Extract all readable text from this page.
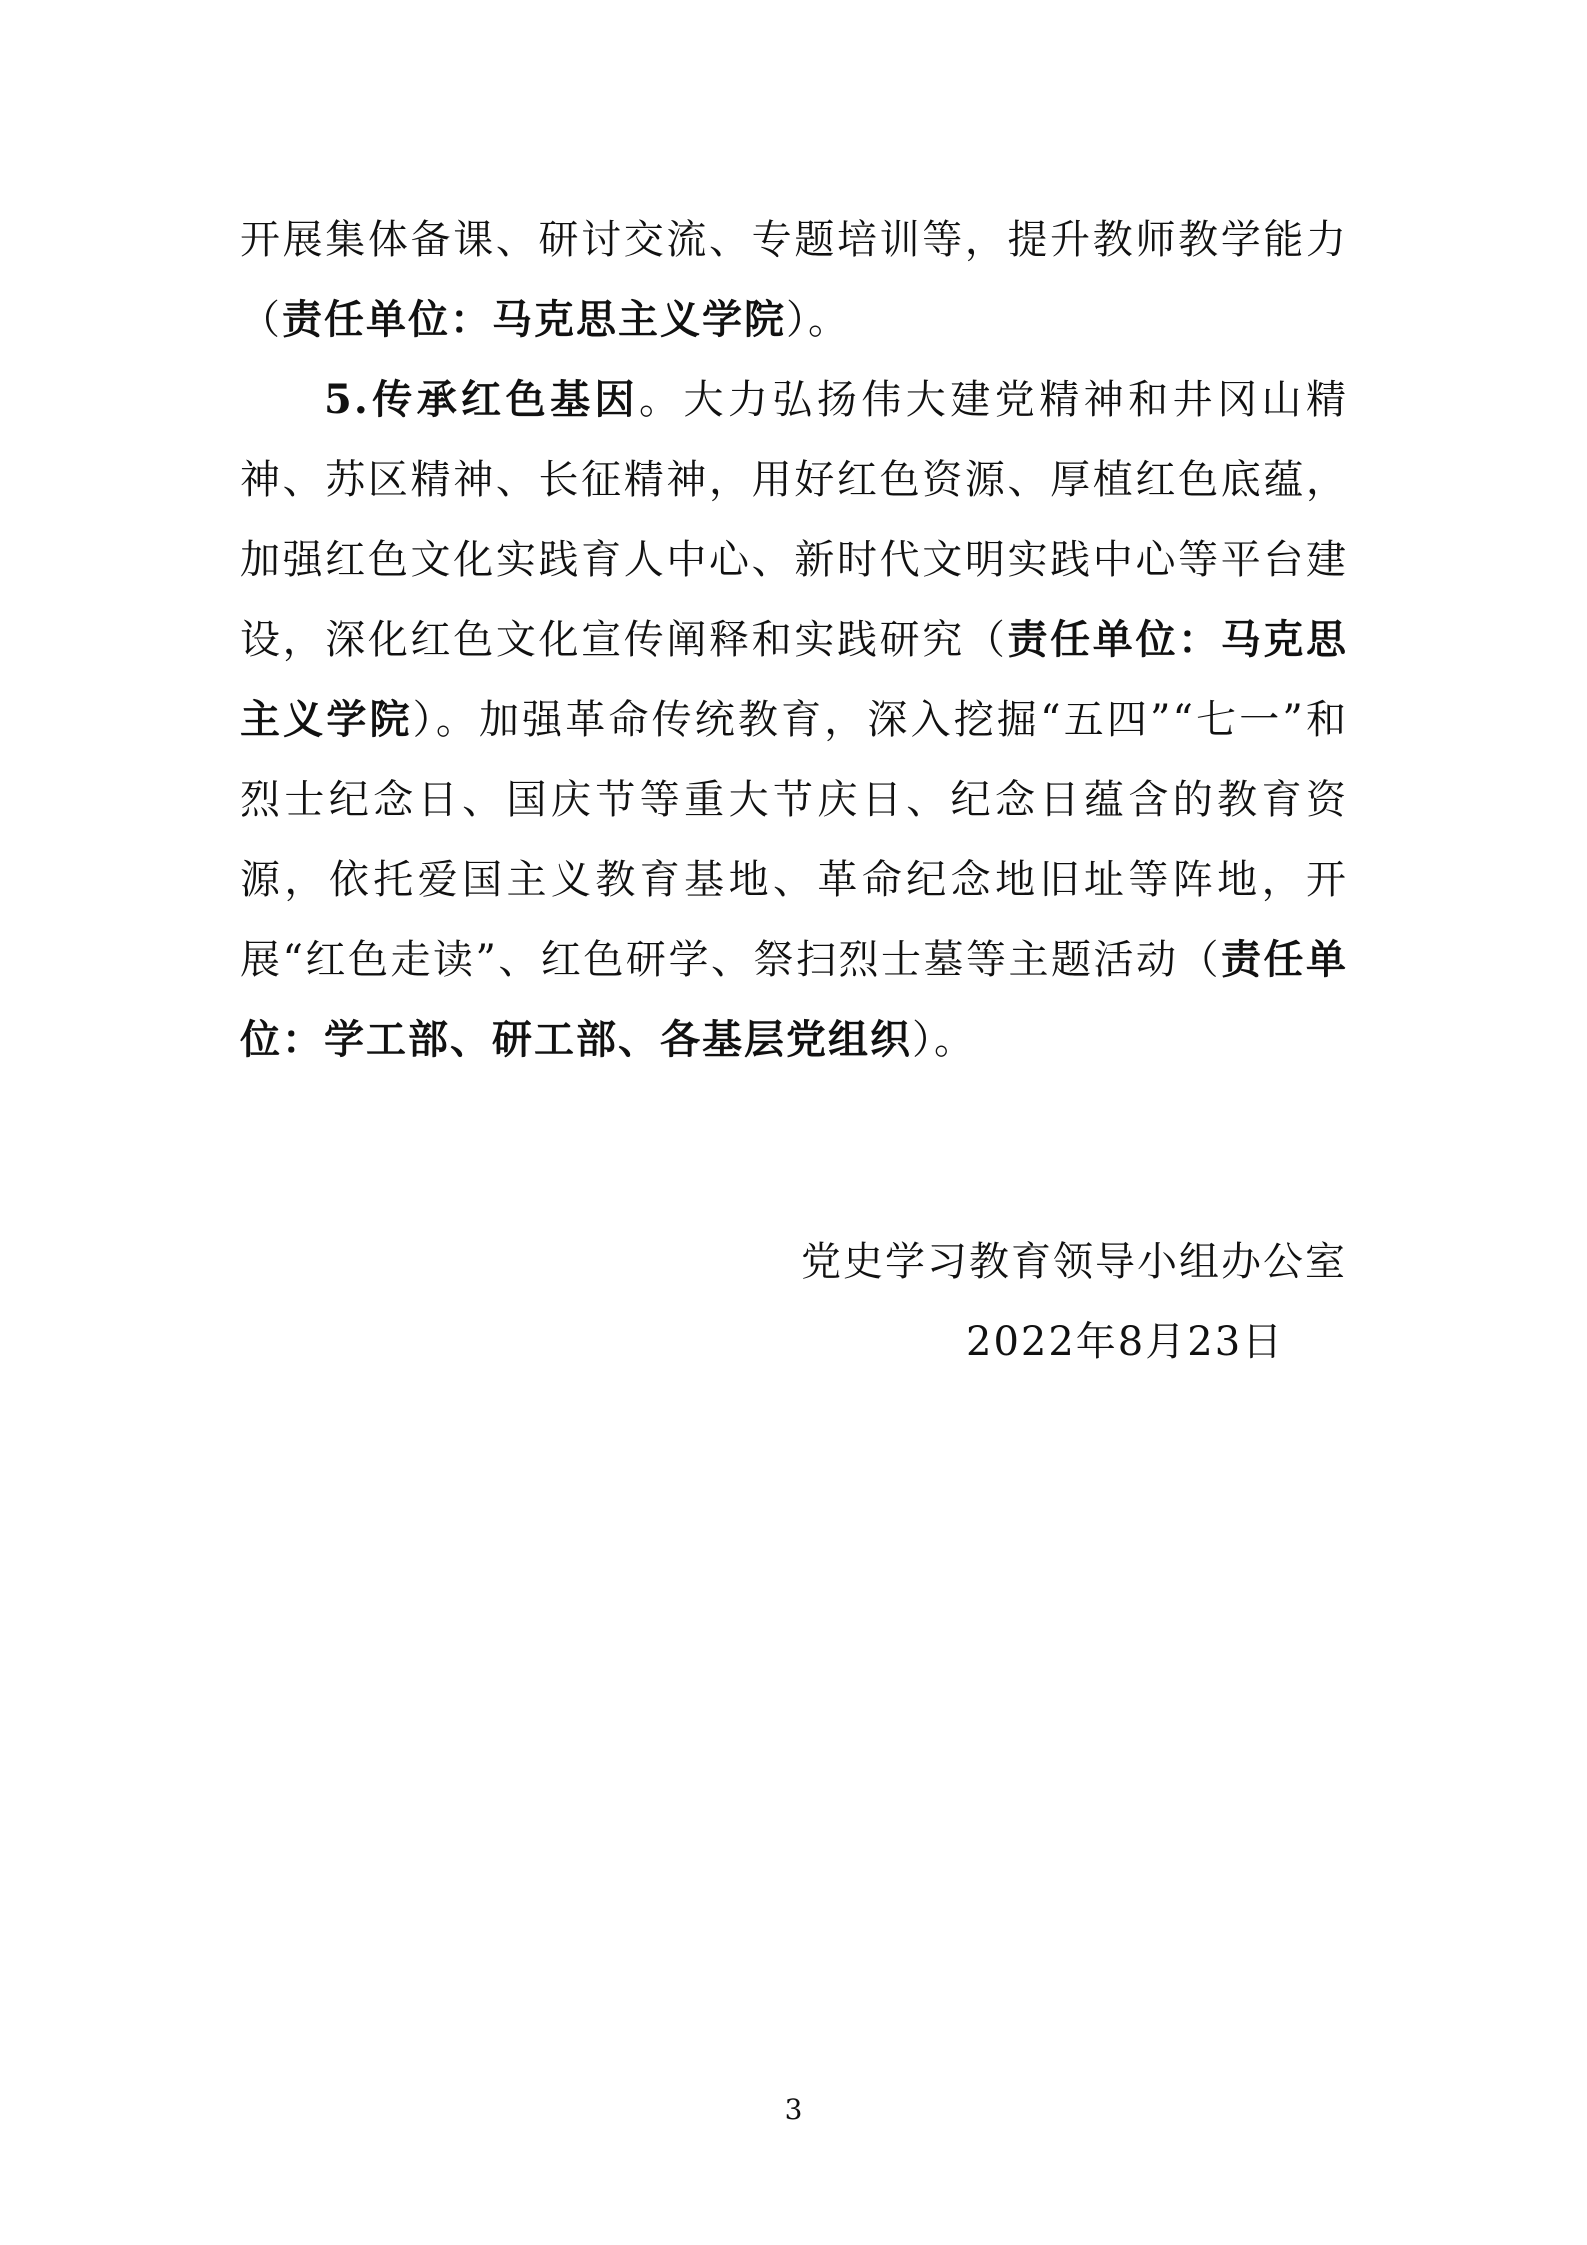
开展集体备课、研讨交流、专题培训等，提升教师教学能力（责任单位：马克思主义学院）。

5.传承红色基因。大力弘扬伟大建党精神和井冈山精神、苏区精神、长征精神，用好红色资源、厚植红色底蕴，加强红色文化实践育人中心、新时代文明实践中心等平台建设，深化红色文化宣传阐释和实践研究（责任单位：马克思主义学院）。加强革命传统教育，深入挖掘“五四”“七一”和烈士纪念日、国庆节等重大节庆日、纪念日蕴含的教育资源，依托爱国主义教育基地、革命纪念地旧址等阵地，开展“红色走读”、红色研学、祭扫烈士墓等主题活动（责任单位：学工部、研工部、各基层党组织）。

党史学习教育领导小组办公室
2022年8月23日
3
